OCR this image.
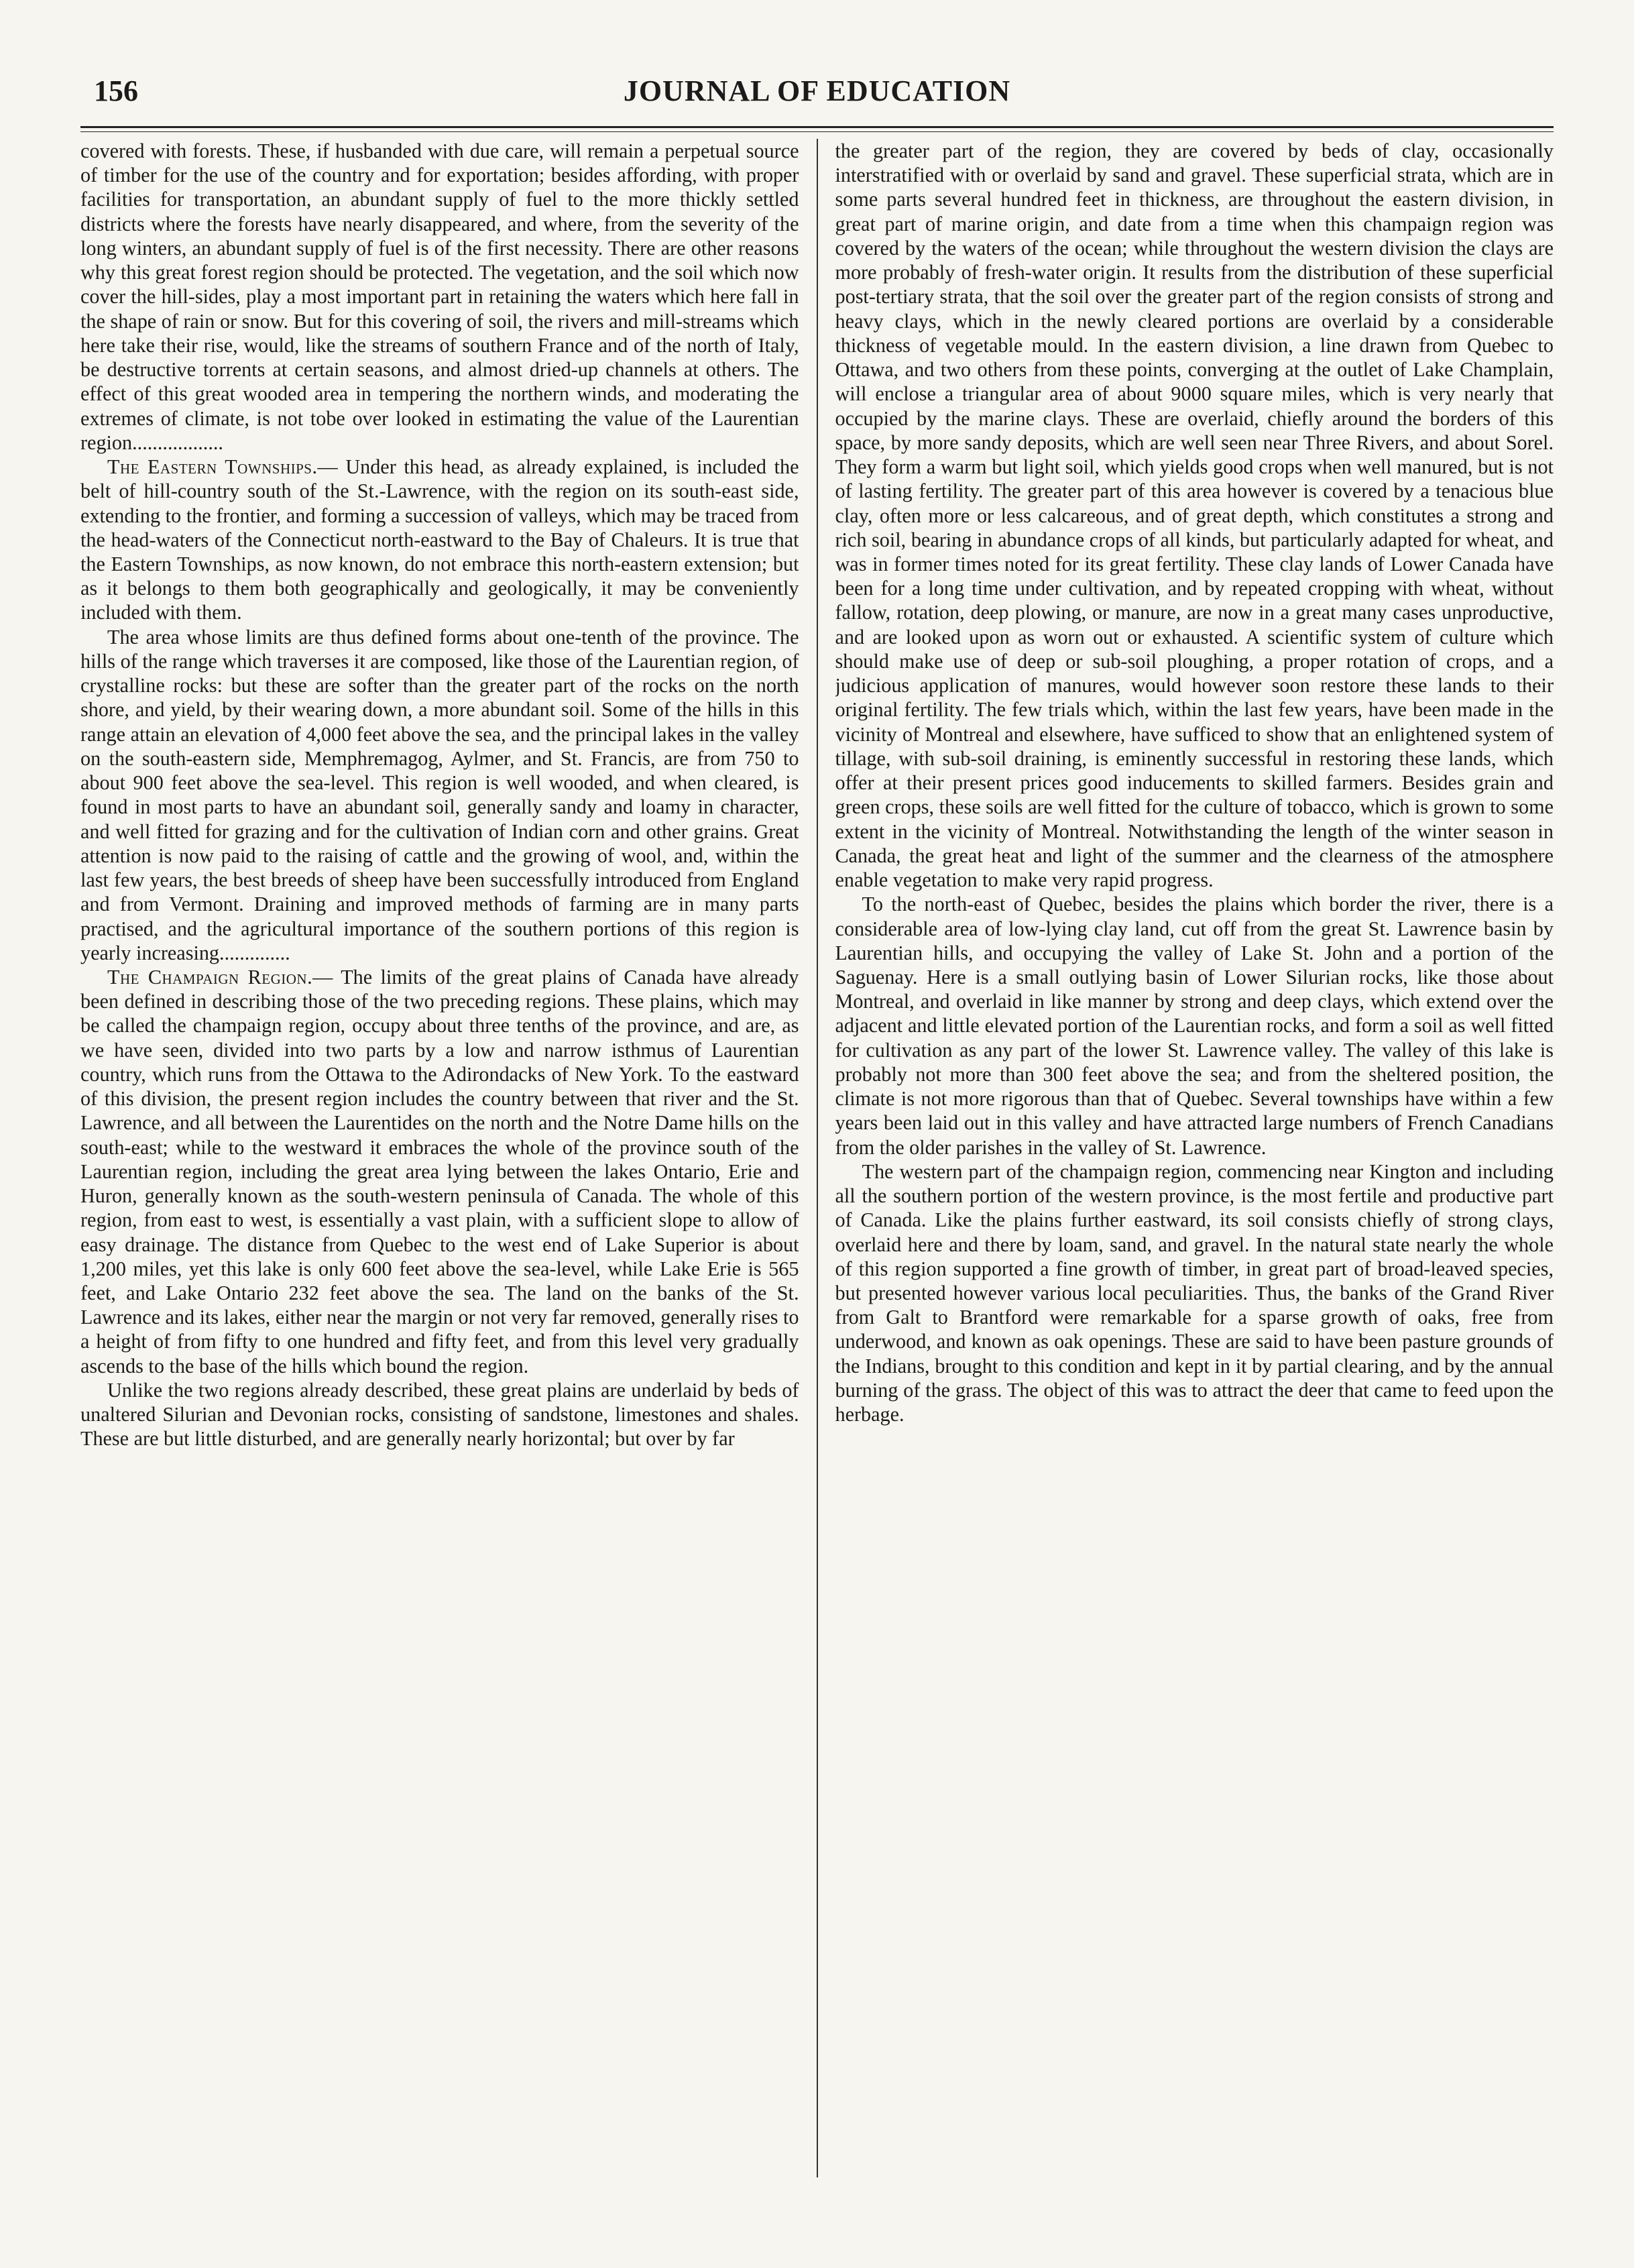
156	JOURNAL OF EDUCATION

covered with forests. These, if husbanded with due care, will remain a perpetual source of timber for the use of the country and for exportation; besides affording, with proper facilities for transportation, an abundant supply of fuel to the more thickly settled districts where the forests have nearly disappeared, and where, from the severity of the long winters, an abundant supply of fuel is of the first necessity. There are other reasons why this great forest region should be protected. The vegetation, and the soil which now cover the hill-sides, play a most important part in retaining the waters which here fall in the shape of rain or snow. But for this covering of soil, the rivers and mill-streams which here take their rise, would, like the streams of southern France and of the north of Italy, be destructive torrents at certain seasons, and almost dried-up channels at others. The effect of this great wooded area in tempering the northern winds, and moderating the extremes of climate, is not tobe over looked in estimating the value of the Laurentian region..................

The Eastern Townships.— Under this head, as already explained, is included the belt of hill-country south of the St.-Lawrence, with the region on its south-east side, extending to the frontier, and forming a succession of valleys, which may be traced from the head-waters of the Connecticut north-eastward to the Bay of Chaleurs. It is true that the Eastern Townships, as now known, do not embrace this north-eastern extension; but as it belongs to them both geographically and geologically, it may be conveniently included with them.

The area whose limits are thus defined forms about one-tenth of the province. The hills of the range which traverses it are composed, like those of the Laurentian region, of crystalline rocks: but these are softer than the greater part of the rocks on the north shore, and yield, by their wearing down, a more abundant soil. Some of the hills in this range attain an elevation of 4,000 feet above the sea, and the principal lakes in the valley on the south-eastern side, Memphremagog, Aylmer, and St. Francis, are from 750 to about 900 feet above the sea-level. This region is well wooded, and when cleared, is found in most parts to have an abundant soil, generally sandy and loamy in character, and well fitted for grazing and for the cultivation of Indian corn and other grains. Great attention is now paid to the raising of cattle and the growing of wool, and, within the last few years, the best breeds of sheep have been successfully introduced from England and from Vermont. Draining and improved methods of farming are in many parts practised, and the agricultural importance of the southern portions of this region is yearly increasing..............

The Champaign Region.— The limits of the great plains of Canada have already been defined in describing those of the two preceding regions. These plains, which may be called the champaign region, occupy about three tenths of the province, and are, as we have seen, divided into two parts by a low and narrow isthmus of Laurentian country, which runs from the Ottawa to the Adirondacks of New York. To the eastward of this division, the present region includes the country between that river and the St. Lawrence, and all between the Laurentides on the north and the Notre Dame hills on the south-east; while to the westward it embraces the whole of the province south of the Laurentian region, including the great area lying between the lakes Ontario, Erie and Huron, generally known as the south-western peninsula of Canada. The whole of this region, from east to west, is essentially a vast plain, with a sufficient slope to allow of easy drainage. The distance from Quebec to the west end of Lake Superior is about 1,200 miles, yet this lake is only 600 feet above the sea-level, while Lake Erie is 565 feet, and Lake Ontario 232 feet above the sea. The land on the banks of the St. Lawrence and its lakes, either near the margin or not very far removed, generally rises to a height of from fifty to one hundred and fifty feet, and from this level very gradually ascends to the base of the hills which bound the region.

Unlike the two regions already described, these great plains are underlaid by beds of unaltered Silurian and Devonian rocks, consisting of sandstone, limestones and shales. These are but little disturbed, and are generally nearly horizontal; but over by far

the greater part of the region, they are covered by beds of clay, occasionally interstratified with or overlaid by sand and gravel. These superficial strata, which are in some parts several hundred feet in thickness, are throughout the eastern division, in great part of marine origin, and date from a time when this champaign region was covered by the waters of the ocean; while throughout the western division the clays are more probably of fresh-water origin. It results from the distribution of these superficial post-tertiary strata, that the soil over the greater part of the region consists of strong and heavy clays, which in the newly cleared portions are overlaid by a considerable thickness of vegetable mould. In the eastern division, a line drawn from Quebec to Ottawa, and two others from these points, converging at the outlet of Lake Champlain, will enclose a triangular area of about 9000 square miles, which is very nearly that occupied by the marine clays. These are overlaid, chiefly around the borders of this space, by more sandy deposits, which are well seen near Three Rivers, and about Sorel. They form a warm but light soil, which yields good crops when well manured, but is not of lasting fertility. The greater part of this area however is covered by a tenacious blue clay, often more or less calcareous, and of great depth, which constitutes a strong and rich soil, bearing in abundance crops of all kinds, but particularly adapted for wheat, and was in former times noted for its great fertility. These clay lands of Lower Canada have been for a long time under cultivation, and by repeated cropping with wheat, without fallow, rotation, deep plowing, or manure, are now in a great many cases unproductive, and are looked upon as worn out or exhausted. A scientific system of culture which should make use of deep or sub-soil ploughing, a proper rotation of crops, and a judicious application of manures, would however soon restore these lands to their original fertility. The few trials which, within the last few years, have been made in the vicinity of Montreal and elsewhere, have sufficed to show that an enlightened system of tillage, with sub-soil draining, is eminently successful in restoring these lands, which offer at their present prices good inducements to skilled farmers. Besides grain and green crops, these soils are well fitted for the culture of tobacco, which is grown to some extent in the vicinity of Montreal. Notwithstanding the length of the winter season in Canada, the great heat and light of the summer and the clearness of the atmosphere enable vegetation to make very rapid progress.

To the north-east of Quebec, besides the plains which border the river, there is a considerable area of low-lying clay land, cut off from the great St. Lawrence basin by Laurentian hills, and occupying the valley of Lake St. John and a portion of the Saguenay. Here is a small outlying basin of Lower Silurian rocks, like those about Montreal, and overlaid in like manner by strong and deep clays, which extend over the adjacent and little elevated portion of the Laurentian rocks, and form a soil as well fitted for cultivation as any part of the lower St. Lawrence valley. The valley of this lake is probably not more than 300 feet above the sea; and from the sheltered position, the climate is not more rigorous than that of Quebec. Several townships have within a few years been laid out in this valley and have attracted large numbers of French Canadians from the older parishes in the valley of St. Lawrence.

The western part of the champaign region, commencing near Kington and including all the southern portion of the western province, is the most fertile and productive part of Canada. Like the plains further eastward, its soil consists chiefly of strong clays, overlaid here and there by loam, sand, and gravel. In the natural state nearly the whole of this region supported a fine growth of timber, in great part of broad-leaved species, but presented however various local peculiarities. Thus, the banks of the Grand River from Galt to Brantford were remarkable for a sparse growth of oaks, free from underwood, and known as oak openings. These are said to have been pasture grounds of the Indians, brought to this condition and kept in it by partial clearing, and by the annual burning of the grass. The object of this was to attract the deer that came to feed upon the herbage.
